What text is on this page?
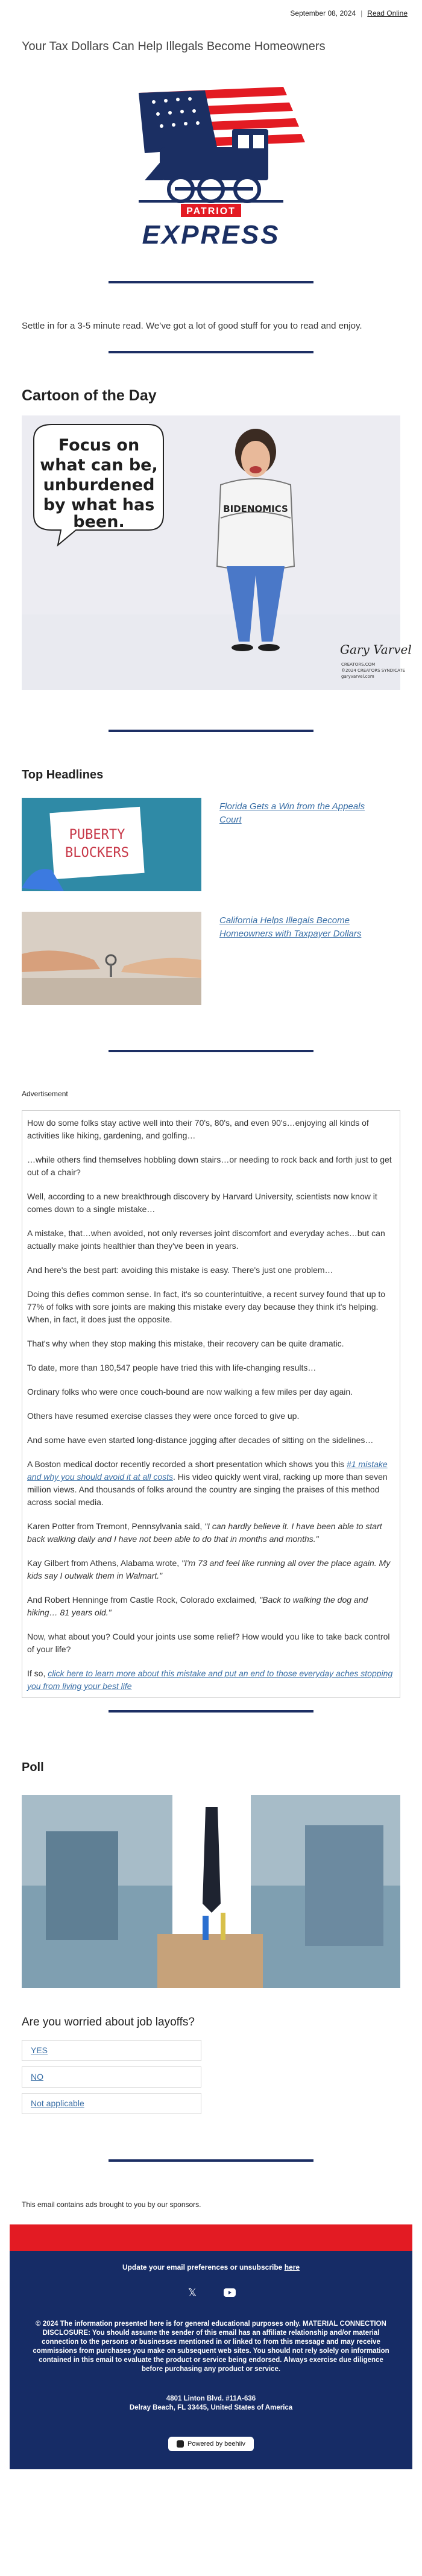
September 08, 2024 | Read Online
Your Tax Dollars Can Help Illegals Become Homeowners
PATRIOT
EXPRESS

Settle in for a 3-5 minute read. We’ve got a lot of good stuff for you to read and enjoy.

Cartoon of the Day
Focus on
what can be,
unburdened
by what has
been.
BIDENOMICS
Gary Varvel
CREATORS.COM
©2024 CREATORS SYNDICATE
garyvarvel.com
Top Headlines
PUBERTY
BLOCKERS
Florida Gets a Win from the Appeals Court
California Helps Illegals Become Homeowners with Taxpayer Dollars
Advertisement

How do some folks stay active well into their 70's, 80's, and even 90's…enjoying all kinds of activities like hiking, gardening, and golfing…

…while others find themselves hobbling down stairs…or needing to rock back and forth just to get out of a chair?

Well, according to a new breakthrough discovery by Harvard University, scientists now know it comes down to a single mistake…

A mistake, that…when avoided, not only reverses joint discomfort and everyday aches…but can actually make joints healthier than they've been in years.

And here's the best part: avoiding this mistake is easy. There's just one problem…

Doing this defies common sense. In fact, it's so counterintuitive, a recent survey found that up to 77% of folks with sore joints are making this mistake every day because they think it's helping. When, in fact, it does just the opposite.

That's why when they stop making this mistake, their recovery can be quite dramatic.

To date, more than 180,547 people have tried this with life-changing results…

Ordinary folks who were once couch-bound are now walking a few miles per day again.

Others have resumed exercise classes they were once forced to give up.

And some have even started long-distance jogging after decades of sitting on the sidelines…

A Boston medical doctor recently recorded a short presentation which shows you this #1 mistake and why you should avoid it at all costs. His video quickly went viral, racking up more than seven million views. And thousands of folks around the country are singing the praises of this method across social media.

Karen Potter from Tremont, Pennsylvania said, "I can hardly believe it. I have been able to start back walking daily and I have not been able to do that in months and months."

Kay Gilbert from Athens, Alabama wrote, "I'm 73 and feel like running all over the place again. My kids say I outwalk them in Walmart."

And Robert Henninge from Castle Rock, Colorado exclaimed, "Back to walking the dog and hiking… 81 years old."

Now, what about you? Could your joints use some relief? How would you like to take back control of your life?

If so, click here to learn more about this mistake and put an end to those everyday aches stopping you from living your best life

Poll
Are you worried about job layoffs?
YES
NO
Not applicable
This email contains ads brought to you by our sponsors.
Update your email preferences or unsubscribe here
𝕏
© 2024 The information presented here is for general educational purposes only. MATERIAL CONNECTION DISCLOSURE: You should assume the sender of this email has an affiliate relationship and/or material connection to the persons or businesses mentioned in or linked to from this message and may receive commissions from purchases you make on subsequent web sites. You should not rely solely on information contained in this email to evaluate the product or service being endorsed. Always exercise due diligence before purchasing any product or service.
4801 Linton Blvd. #11A-636
Delray Beach, FL 33445, United States of America
Powered by beehiiv
